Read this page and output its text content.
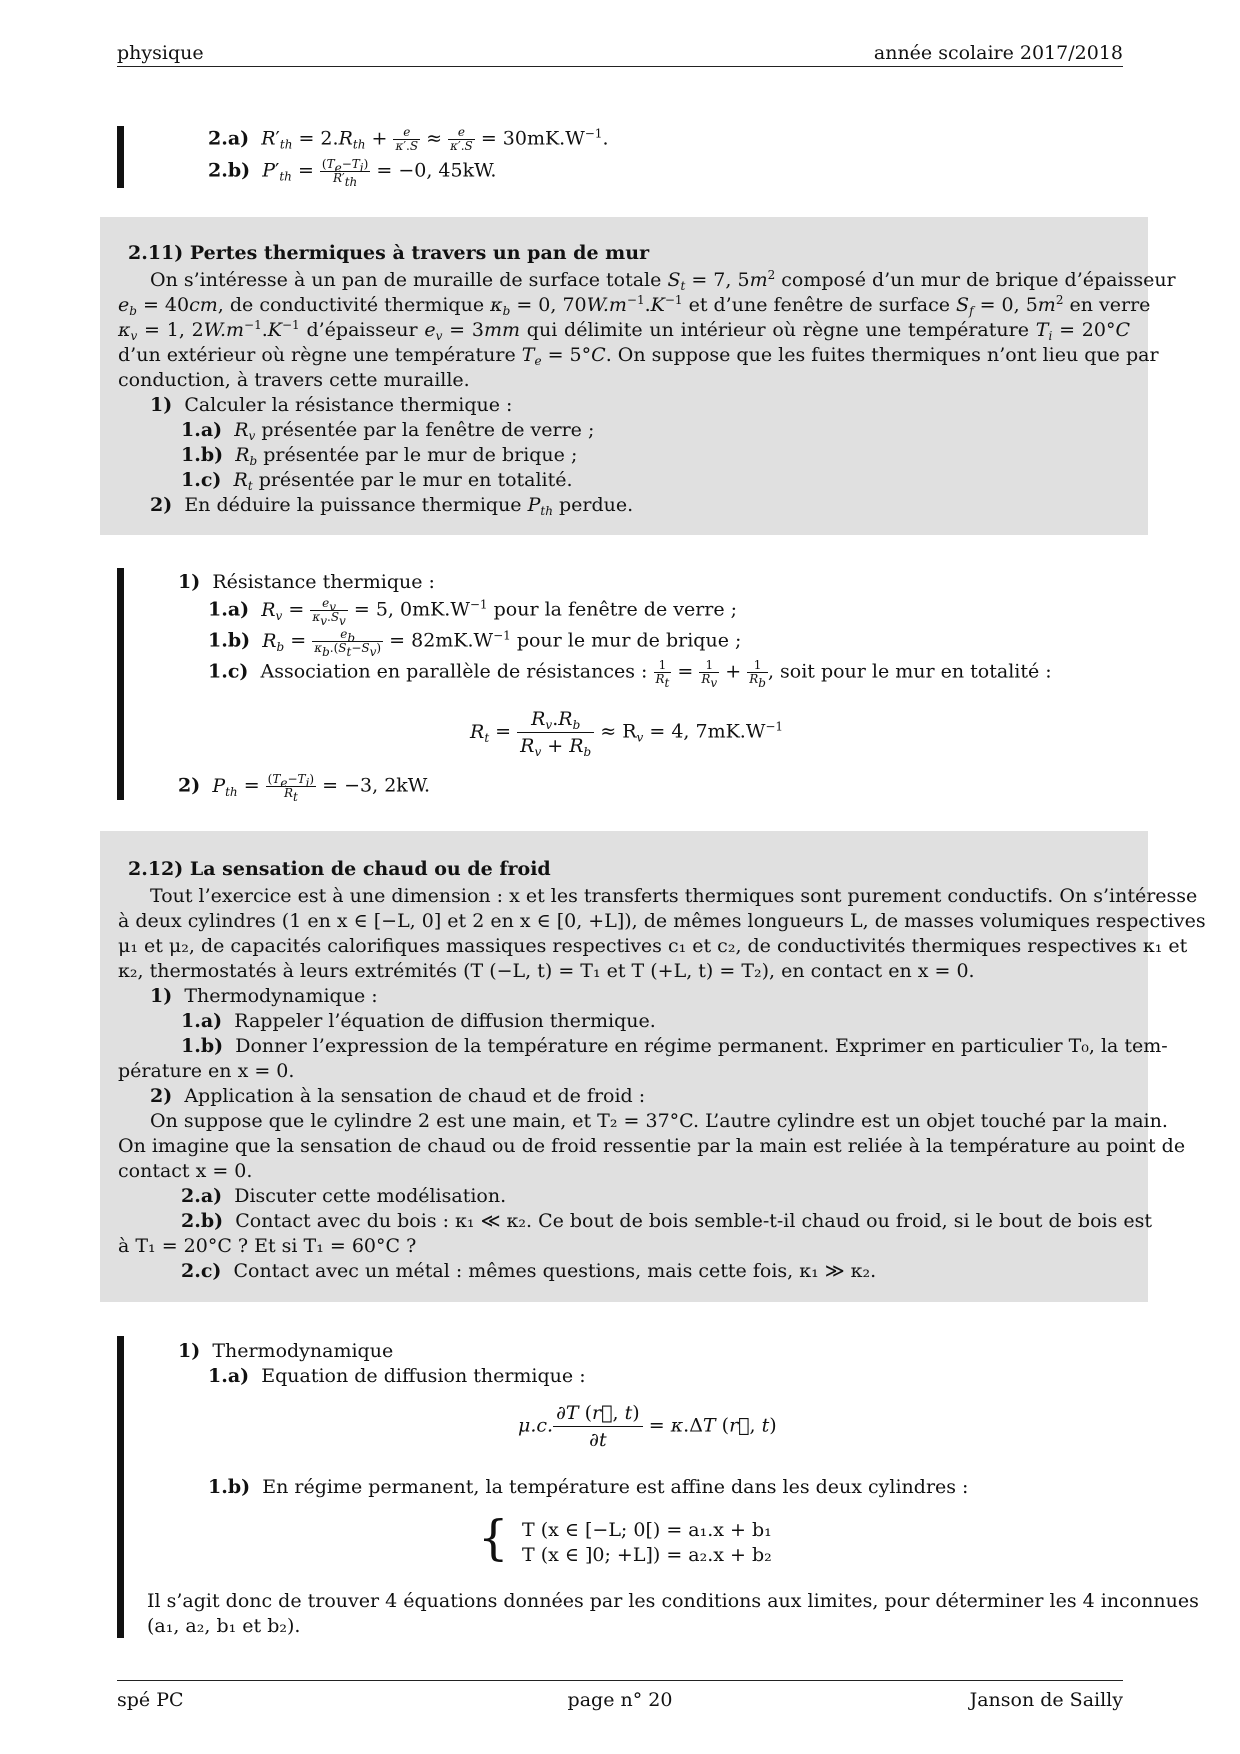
physique	année scolaire 2017/2018
2.a) $R'_{th} = 2.R_{th} + \frac{e}{\kappa'.S} \approx \frac{e}{\kappa'.S} = 30mK.W^{-1}$.
2.b) $P'_{th} = \frac{(T_e-T_i)}{R'_{th}} = -0$, 45kW.
2.11) Pertes thermiques à travers un pan de mur
On s’intéresse à un pan de muraille de surface totale $S_t = 7$, $5m^2$ composé d’un mur de brique d’épaisseur
$e_b = 40cm$, de conductivité thermique $\kappa_b = 0$, $70W.m^{-1}.K^{-1}$ et d’une fenêtre de surface $S_f = 0$, $5m^2$ en verre
$\kappa_v = 1$, $2W.m^{-1}.K^{-1}$ d’épaisseur $e_v = 3mm$ qui délimite un intérieur où règne une température $T_i = 20^\circ C$
d’un extérieur où règne une température $T_e = 5^\circ C$. On suppose que les fuites thermiques n’ont lieu que par
conduction, à travers cette muraille.
1) Calculer la résistance thermique :
1.a) $R_v$ présentée par la fenêtre de verre ;
1.b) $R_b$ présentée par le mur de brique ;
1.c) $R_t$ présentée par le mur en totalité.
2) En déduire la puissance thermique $P_{th}$ perdue.
1) Résistance thermique :
1.a) $R_v = \frac{e_v}{\kappa_v.S_v} = 5$, $0mK.W^{-1}$ pour la fenêtre de verre ;
1.b) $R_b = \frac{e_b}{\kappa_b.(S_t-S_v)} = 82mK.W^{-1}$ pour le mur de brique ;
1.c) Association en parallèle de résistances : $\frac{1}{R_t} = \frac{1}{R_v} + \frac{1}{R_b}$ , soit pour le mur en totalité :
$R_t = \frac{R_v.R_b}{R_v + R_b} \approx R_v = 4$, $7mK.W^{-1}$
2) $P_{th} = \frac{(T_e-T_i)}{R_t} = -3$, 2kW.
2.12) La sensation de chaud ou de froid
Tout l’exercice est à une dimension : x et les transferts thermiques sont purement conductifs. On s’intéresse
à deux cylindres (1 en x ∈ [−L, 0] et 2 en x ∈ [0, +L]), de mêmes longueurs L, de masses volumiques respectives
μ₁ et μ₂, de capacités calorifiques massiques respectives c₁ et c₂, de conductivités thermiques respectives κ₁ et
κ₂, thermostatés à leurs extrémités (T (−L, t) = T₁ et T (+L, t) = T₂), en contact en x = 0.
1) Thermodynamique :
1.a) Rappeler l’équation de diffusion thermique.
1.b) Donner l’expression de la température en régime permanent. Exprimer en particulier T₀, la tem-
pérature en x = 0.
2) Application à la sensation de chaud et de froid :
On suppose que le cylindre 2 est une main, et T₂ = 37°C. L’autre cylindre est un objet touché par la main.
On imagine que la sensation de chaud ou de froid ressentie par la main est reliée à la température au point de
contact x = 0.
2.a) Discuter cette modélisation.
2.b) Contact avec du bois : κ₁ ≪ κ₂. Ce bout de bois semble-t-il chaud ou froid, si le bout de bois est
à T₁ = 20°C ? Et si T₁ = 60°C ?
2.c) Contact avec un métal : mêmes questions, mais cette fois, κ₁ ≫ κ₂.
1) Thermodynamique
1.a) Equation de diffusion thermique :
μ.c. $\frac{\partial T (r⃗, t)}{\partial t} = \kappa.\Delta T$ (r⃗, t)
1.b) En régime permanent, la température est affine dans les deux cylindres :
{ T (x ∈ [−L; 0[) = a₁.x + b₁
T (x ∈ ]0; +L]) = a₂.x + b₂
Il s’agit donc de trouver 4 équations données par les conditions aux limites, pour déterminer les 4 inconnues
(a₁, a₂, b₁ et b₂).
spé PC	page n° 20	Janson de Sailly
